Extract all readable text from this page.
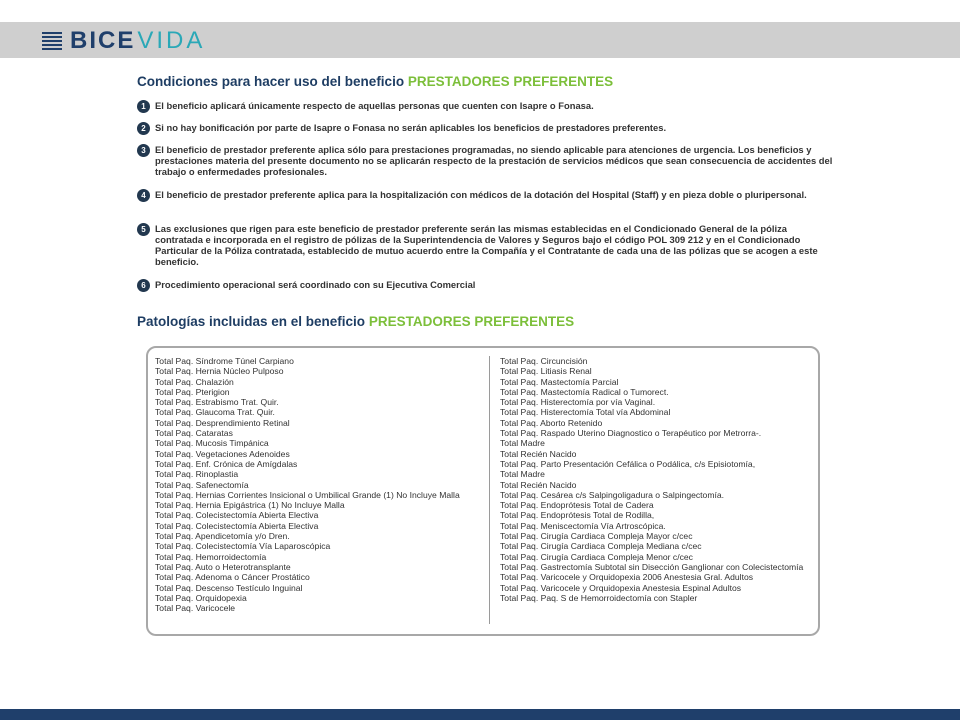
BICE VIDA
Condiciones para hacer uso del beneficio PRESTADORES PREFERENTES
1 El beneficio aplicará únicamente respecto de aquellas personas que cuenten con Isapre o Fonasa.
2 Si no hay bonificación por parte de Isapre o Fonasa no serán aplicables los beneficios de prestadores preferentes.
3 El beneficio de prestador preferente aplica sólo para prestaciones programadas, no siendo aplicable para atenciones de urgencia. Los beneficios y prestaciones materia del presente documento no se aplicarán respecto de la prestación de servicios médicos que sean consecuencia de accidentes del trabajo o enfermedades profesionales.
4 El beneficio de prestador preferente aplica para la hospitalización con médicos de la dotación del Hospital (Staff) y en pieza doble o pluripersonal.
5 Las exclusiones que rigen para este beneficio de prestador preferente serán las mismas establecidas en el Condicionado General de la póliza contratada e incorporada en el registro de pólizas de la Superintendencia de Valores y Seguros bajo el código POL 309 212 y en el Condicionado Particular de la Póliza contratada, establecido de mutuo acuerdo entre la Compañía y el Contratante de cada una de las pólizas que se acogen a este beneficio.
6 Procedimiento operacional será coordinado con su Ejecutiva Comercial
Patologías incluidas en el beneficio PRESTADORES PREFERENTES
Total Paq. Síndrome Túnel Carpiano
Total Paq. Hernia Núcleo Pulposo
Total Paq. Chalazión
Total Paq. Pterigion
Total Paq. Estrabismo Trat. Quir.
Total Paq. Glaucoma Trat. Quir.
Total Paq. Desprendimiento Retinal
Total Paq. Cataratas
Total Paq. Mucosis Timpánica
Total Paq. Vegetaciones Adenoides
Total Paq. Enf. Crónica de Amígdalas
Total Paq. Rinoplastia
Total Paq. Safenectomía
Total Paq. Hernias Corrientes Insicional o Umbilical Grande (1) No Incluye Malla
Total Paq. Hernia Epigástrica (1) No Incluye Malla
Total Paq. Colecistectomía Abierta Electiva
Total Paq. Colecistectomía Abierta Electiva
Total Paq. Apendicetomía y/o Dren.
Total Paq. Colecistectomía Vía Laparoscópica
Total Paq. Hemorroidectomía
Total Paq. Auto o Heterotransplante
Total Paq. Adenoma o Cáncer Prostático
Total Paq. Descenso Testículo Inguinal
Total Paq. Orquidopexia
Total Paq. Varicocele
Total Paq. Circuncisión
Total Paq. Litiasis Renal
Total Paq. Mastectomía Parcial
Total Paq. Mastectomía Radical o Tumorect.
Total Paq. Histerectomía por vía Vaginal.
Total Paq. Histerectomía Total vía Abdominal
Total Paq. Aborto Retenido
Total Paq. Raspado Uterino Diagnostico o Terapéutico por Metrorra-.
Total Madre
Total Recién Nacido
Total Paq. Parto Presentación Cefálica o Podálica, c/s Episiotomía,
Total Madre
Total Recién Nacido
Total Paq. Cesárea c/s Salpingoligadura o Salpingectomía.
Total Paq. Endoprótesis Total de Cadera
Total Paq. Endoprótesis Total de Rodilla,
Total Paq. Meniscectomía Vía Artroscópica.
Total Paq. Cirugía Cardiaca Compleja Mayor c/cec
Total Paq. Cirugía Cardiaca Compleja Mediana c/cec
Total Paq. Cirugía Cardiaca Compleja Menor c/cec
Total Paq. Gastrectomía Subtotal sin Disección Ganglionar con Colecistectomía
Total Paq. Varicocele y Orquidopexia 2006 Anestesia Gral. Adultos
Total Paq. Varicocele y Orquidopexia Anestesia Espinal Adultos
Total Paq. Paq. S de Hemorroidectomía con Stapler
